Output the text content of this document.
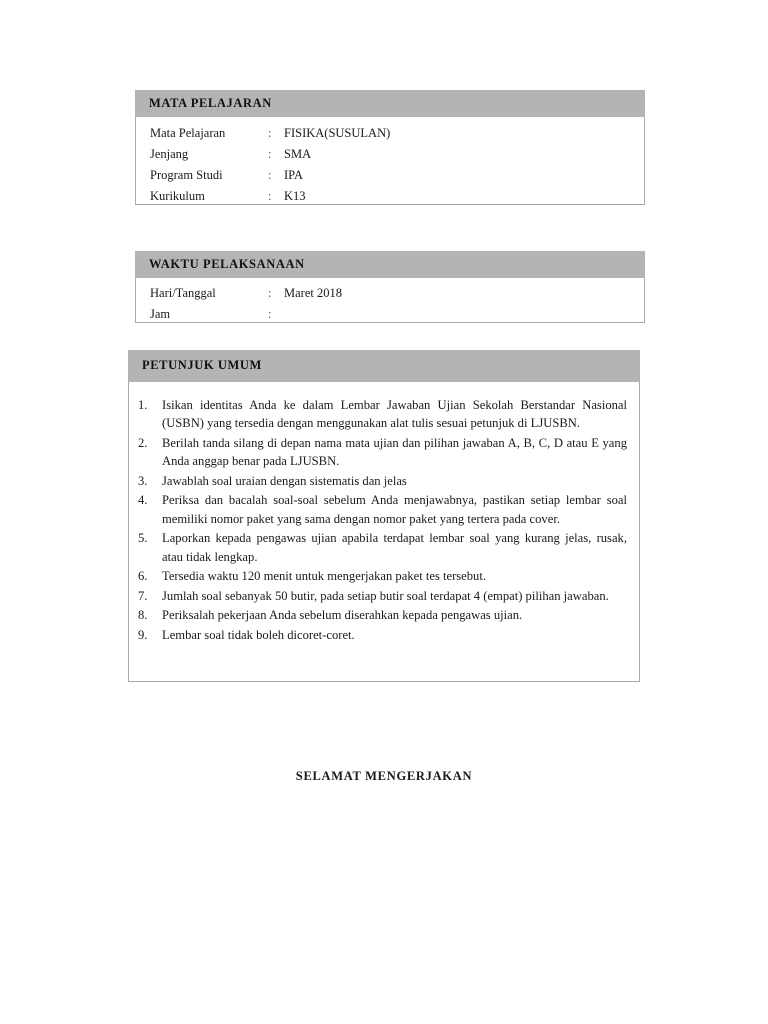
MATA PELAJARAN
Mata Pelajaran	:	FISIKA(SUSULAN)
Jenjang	:	SMA
Program Studi	:	IPA
Kurikulum	:	K13
WAKTU PELAKSANAAN
Hari/Tanggal	:	Maret 2018
Jam	:	
PETUNJUK UMUM
1.	Isikan identitas Anda ke dalam Lembar Jawaban Ujian Sekolah Berstandar Nasional (USBN) yang tersedia dengan menggunakan alat tulis sesuai petunjuk di LJUSBN.
2.	Berilah tanda silang di depan nama mata ujian dan pilihan jawaban A, B, C, D atau E yang Anda anggap benar pada LJUSBN.
3.	Jawablah soal uraian dengan sistematis dan jelas
4.	Periksa dan bacalah soal-soal sebelum Anda menjawabnya, pastikan setiap lembar soal memiliki nomor paket yang sama dengan nomor paket yang tertera pada cover.
5.	Laporkan kepada pengawas ujian apabila terdapat lembar soal yang kurang jelas, rusak, atau tidak lengkap.
6.	Tersedia waktu 120 menit untuk mengerjakan paket tes tersebut.
7.	Jumlah soal sebanyak 50 butir, pada setiap butir soal terdapat 4 (empat) pilihan jawaban.
8.	Periksalah pekerjaan Anda sebelum diserahkan kepada pengawas ujian.
9.	Lembar soal tidak boleh dicoret-coret.
SELAMAT MENGERJAKAN
